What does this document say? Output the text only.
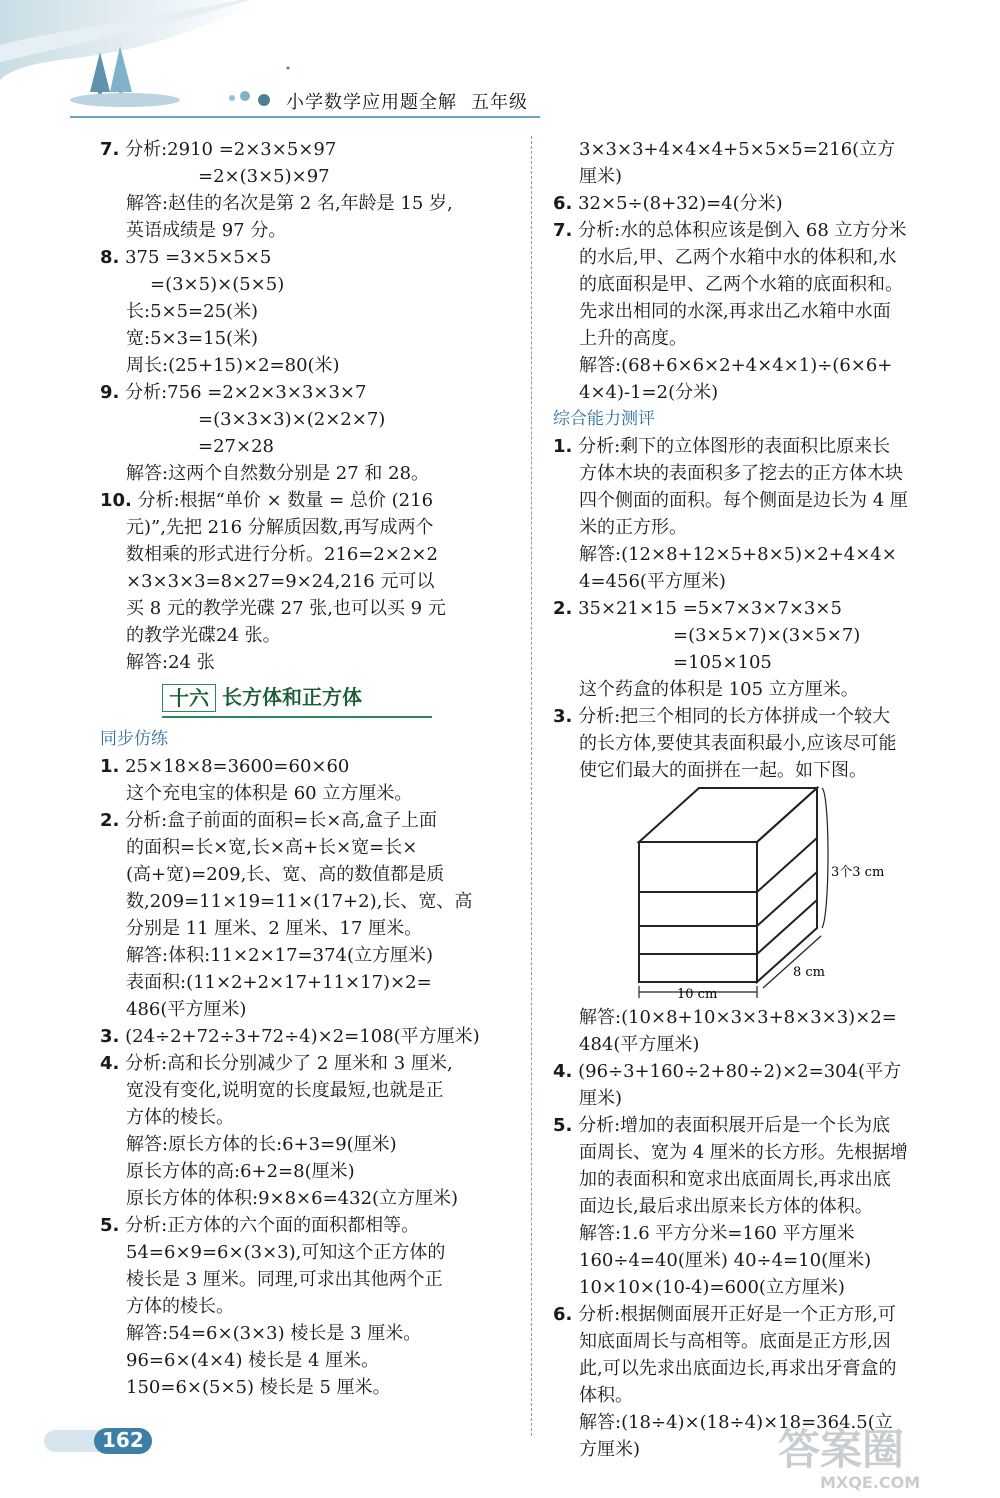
小学数学应用题全解 五年级
7. 分析:2910 =2×3×5×97
=2×(3×5)×97
解答:赵佳的名次是第 2 名,年龄是 15 岁,
英语成绩是 97 分。
8. 375 =3×5×5×5
=(3×5)×(5×5)
长:5×5=25(米)
宽:5×3=15(米)
周长:(25+15)×2=80(米)
9. 分析:756 =2×2×3×3×3×7
=(3×3×3)×(2×2×7)
=27×28
解答:这两个自然数分别是 27 和 28。
10. 分析:根据“单价 × 数量 = 总价 (216
元)”,先把 216 分解质因数,再写成两个
数相乘的形式进行分析。216=2×2×2
×3×3×3=8×27=9×24,216 元可以
买 8 元的教学光碟 27 张,也可以买 9 元
的教学光碟24 张。
解答:24 张
十六 长方体和正方体
同步仿练
1. 25×18×8=3600=60×60
这个充电宝的体积是 60 立方厘米。
2. 分析:盒子前面的面积=长×高,盒子上面
的面积=长×宽,长×高+长×宽=长×
(高+宽)=209,长、宽、高的数值都是质
数,209=11×19=11×(17+2),长、宽、高
分别是 11 厘米、2 厘米、17 厘米。
解答:体积:11×2×17=374(立方厘米)
表面积:(11×2+2×17+11×17)×2=
486(平方厘米)
3. (24÷2+72÷3+72÷4)×2=108(平方厘米)
4. 分析:高和长分别减少了 2 厘米和 3 厘米,
宽没有变化,说明宽的长度最短,也就是正
方体的棱长。
解答:原长方体的长:6+3=9(厘米)
原长方体的高:6+2=8(厘米)
原长方体的体积:9×8×6=432(立方厘米)
5. 分析:正方体的六个面的面积都相等。
54=6×9=6×(3×3),可知这个正方体的
棱长是 3 厘米。同理,可求出其他两个正
方体的棱长。
解答:54=6×(3×3) 棱长是 3 厘米。
96=6×(4×4) 棱长是 4 厘米。
150=6×(5×5) 棱长是 5 厘米。
3×3×3+4×4×4+5×5×5=216(立方
厘米)
6. 32×5÷(8+32)=4(分米)
7. 分析:水的总体积应该是倒入 68 立方分米
的水后,甲、乙两个水箱中水的体积和,水
的底面积是甲、乙两个水箱的底面积和。
先求出相同的水深,再求出乙水箱中水面
上升的高度。
解答:(68+6×6×2+4×4×1)÷(6×6+
4×4)-1=2(分米)
综合能力测评
1. 分析:剩下的立体图形的表面积比原来长
方体木块的表面积多了挖去的正方体木块
四个侧面的面积。每个侧面是边长为 4 厘
米的正方形。
解答:(12×8+12×5+8×5)×2+4×4×
4=456(平方厘米)
2. 35×21×15 =5×7×3×7×3×5
=(3×5×7)×(3×5×7)
=105×105
这个药盒的体积是 105 立方厘米。
3. 分析:把三个相同的长方体拼成一个较大
的长方体,要使其表面积最小,应该尽可能
使它们最大的面拼在一起。如下图。
3个3 cm
8 cm
10 cm
解答:(10×8+10×3×3+8×3×3)×2=
484(平方厘米)
4. (96÷3+160÷2+80÷2)×2=304(平方
厘米)
5. 分析:增加的表面积展开后是一个长为底
面周长、宽为 4 厘米的长方形。先根据增
加的表面积和宽求出底面周长,再求出底
面边长,最后求出原来长方体的体积。
解答:1.6 平方分米=160 平方厘米
160÷4=40(厘米) 40÷4=10(厘米)
10×10×(10-4)=600(立方厘米)
6. 分析:根据侧面展开正好是一个正方形,可
知底面周长与高相等。底面是正方形,因
此,可以先求出底面边长,再求出牙膏盒的
体积。
解答:(18÷4)×(18÷4)×18=364.5(立
方厘米)
162	答案圈
MXQE.COM
